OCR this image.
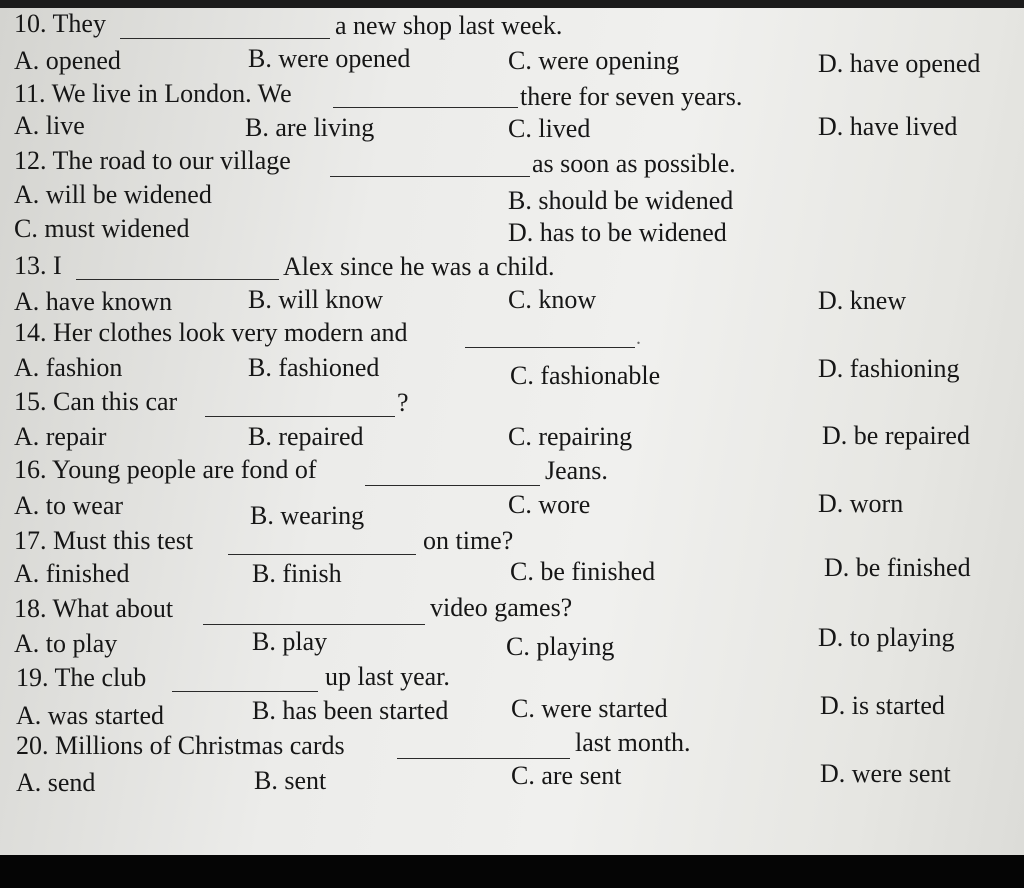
10. They	a new shop last week.
A. opened	B. were opened	C. were opening	D. have opened
11. We live in London. We	there for seven years.
A. live	B. are living	C. lived	D. have lived
12. The road to our village	as soon as possible.
A. will be widened	B. should be widened
C. must widened	D. has to be widened
13. I	Alex since he was a child.
A. have known	B. will know	C. know	D. knew
14. Her clothes look very modern and	.
A. fashion	B. fashioned	C. fashionable	D. fashioning
15. Can this car	?
A. repair	B. repaired	C. repairing	D. be repaired
16. Young people are fond of	Jeans.
A. to wear	B. wearing	C. wore	D. worn
17. Must this test	on time?
A. finished	B. finish	C. be finished	D. be finished
18. What about	video games?
A. to play	B. play	C. playing	D. to playing
19. The club	up last year.
A. was started	B. has been started C. were started	D. is started
20. Millions of Christmas cards	last month.
A. send	B. sent	C. are sent	D. were sent
